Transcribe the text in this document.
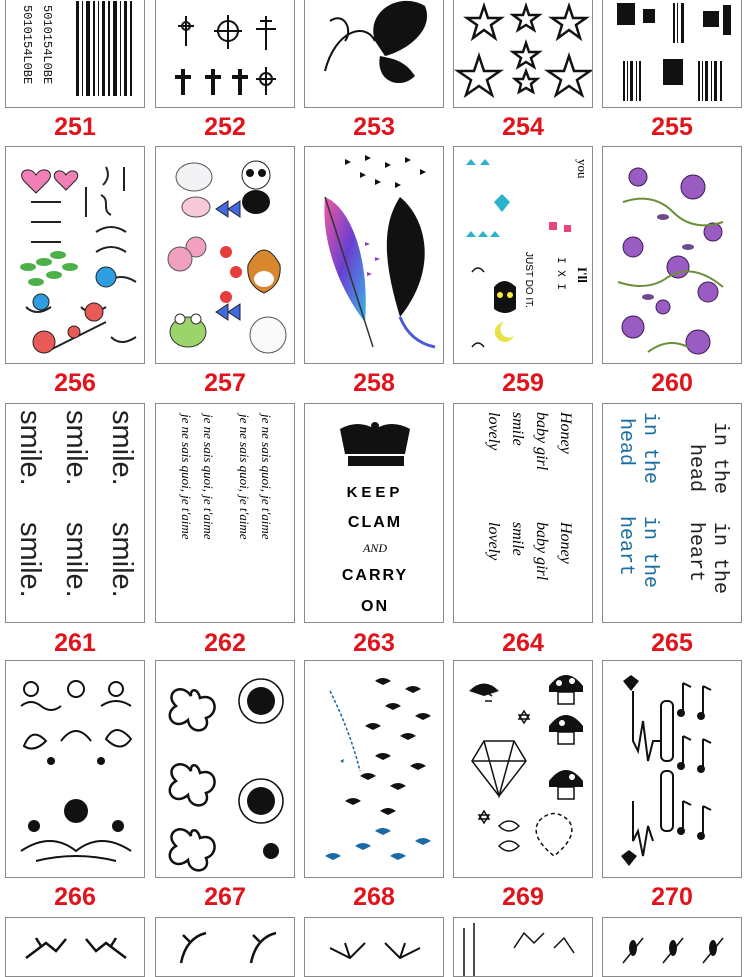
5010154L0BE
5010154L0BE
251	252	253	254	255
256	257	258
you
I X I
JUST DO IT.	I'll
259	260
smile.
smile.
smile.
smile.
smile.
smile.
261
je ne sais quoi, je t'aime
je ne sais quoi, je t'aime
je ne sais quoi, je t'aime
je ne sais quoi, je t'aime
262
KEEP
CLAM
AND
CARRY
ON
263
Honey
baby girl
smile
lovely
Honey
baby girl
smile
lovely
264
in the
head
in the
head
in the
heart
in the
heart
265
266	267	268	269	270
